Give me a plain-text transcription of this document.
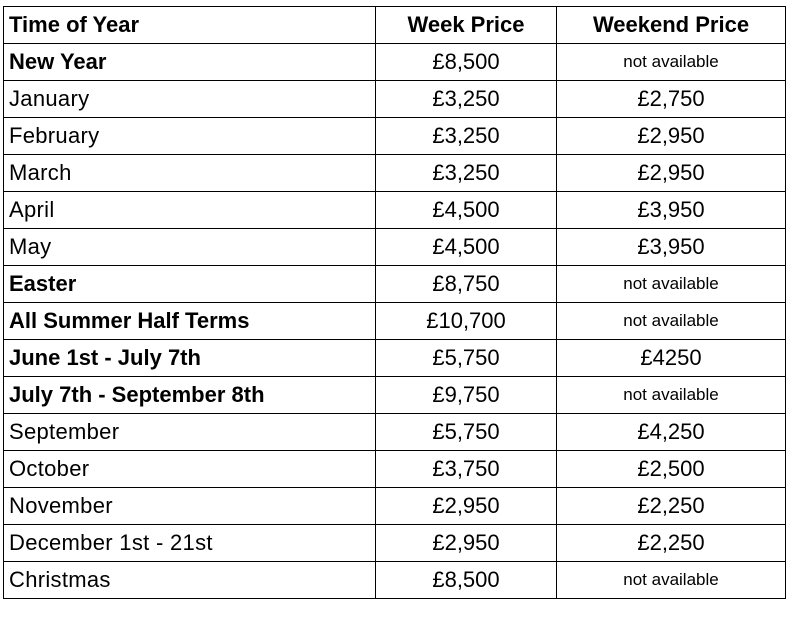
Time of Year	Week Price	Weekend Price
New Year	£8,500	not available
January	£3,250	£2,750
February	£3,250	£2,950
March	£3,250	£2,950
April	£4,500	£3,950
May	£4,500	£3,950
Easter	£8,750	not available
All Summer Half Terms	£10,700	not available
June 1st - July 7th	£5,750	£4250
July 7th - September 8th	£9,750	not available
September	£5,750	£4,250
October	£3,750	£2,500
November	£2,950	£2,250
December 1st - 21st	£2,950	£2,250
Christmas	£8,500	not available
